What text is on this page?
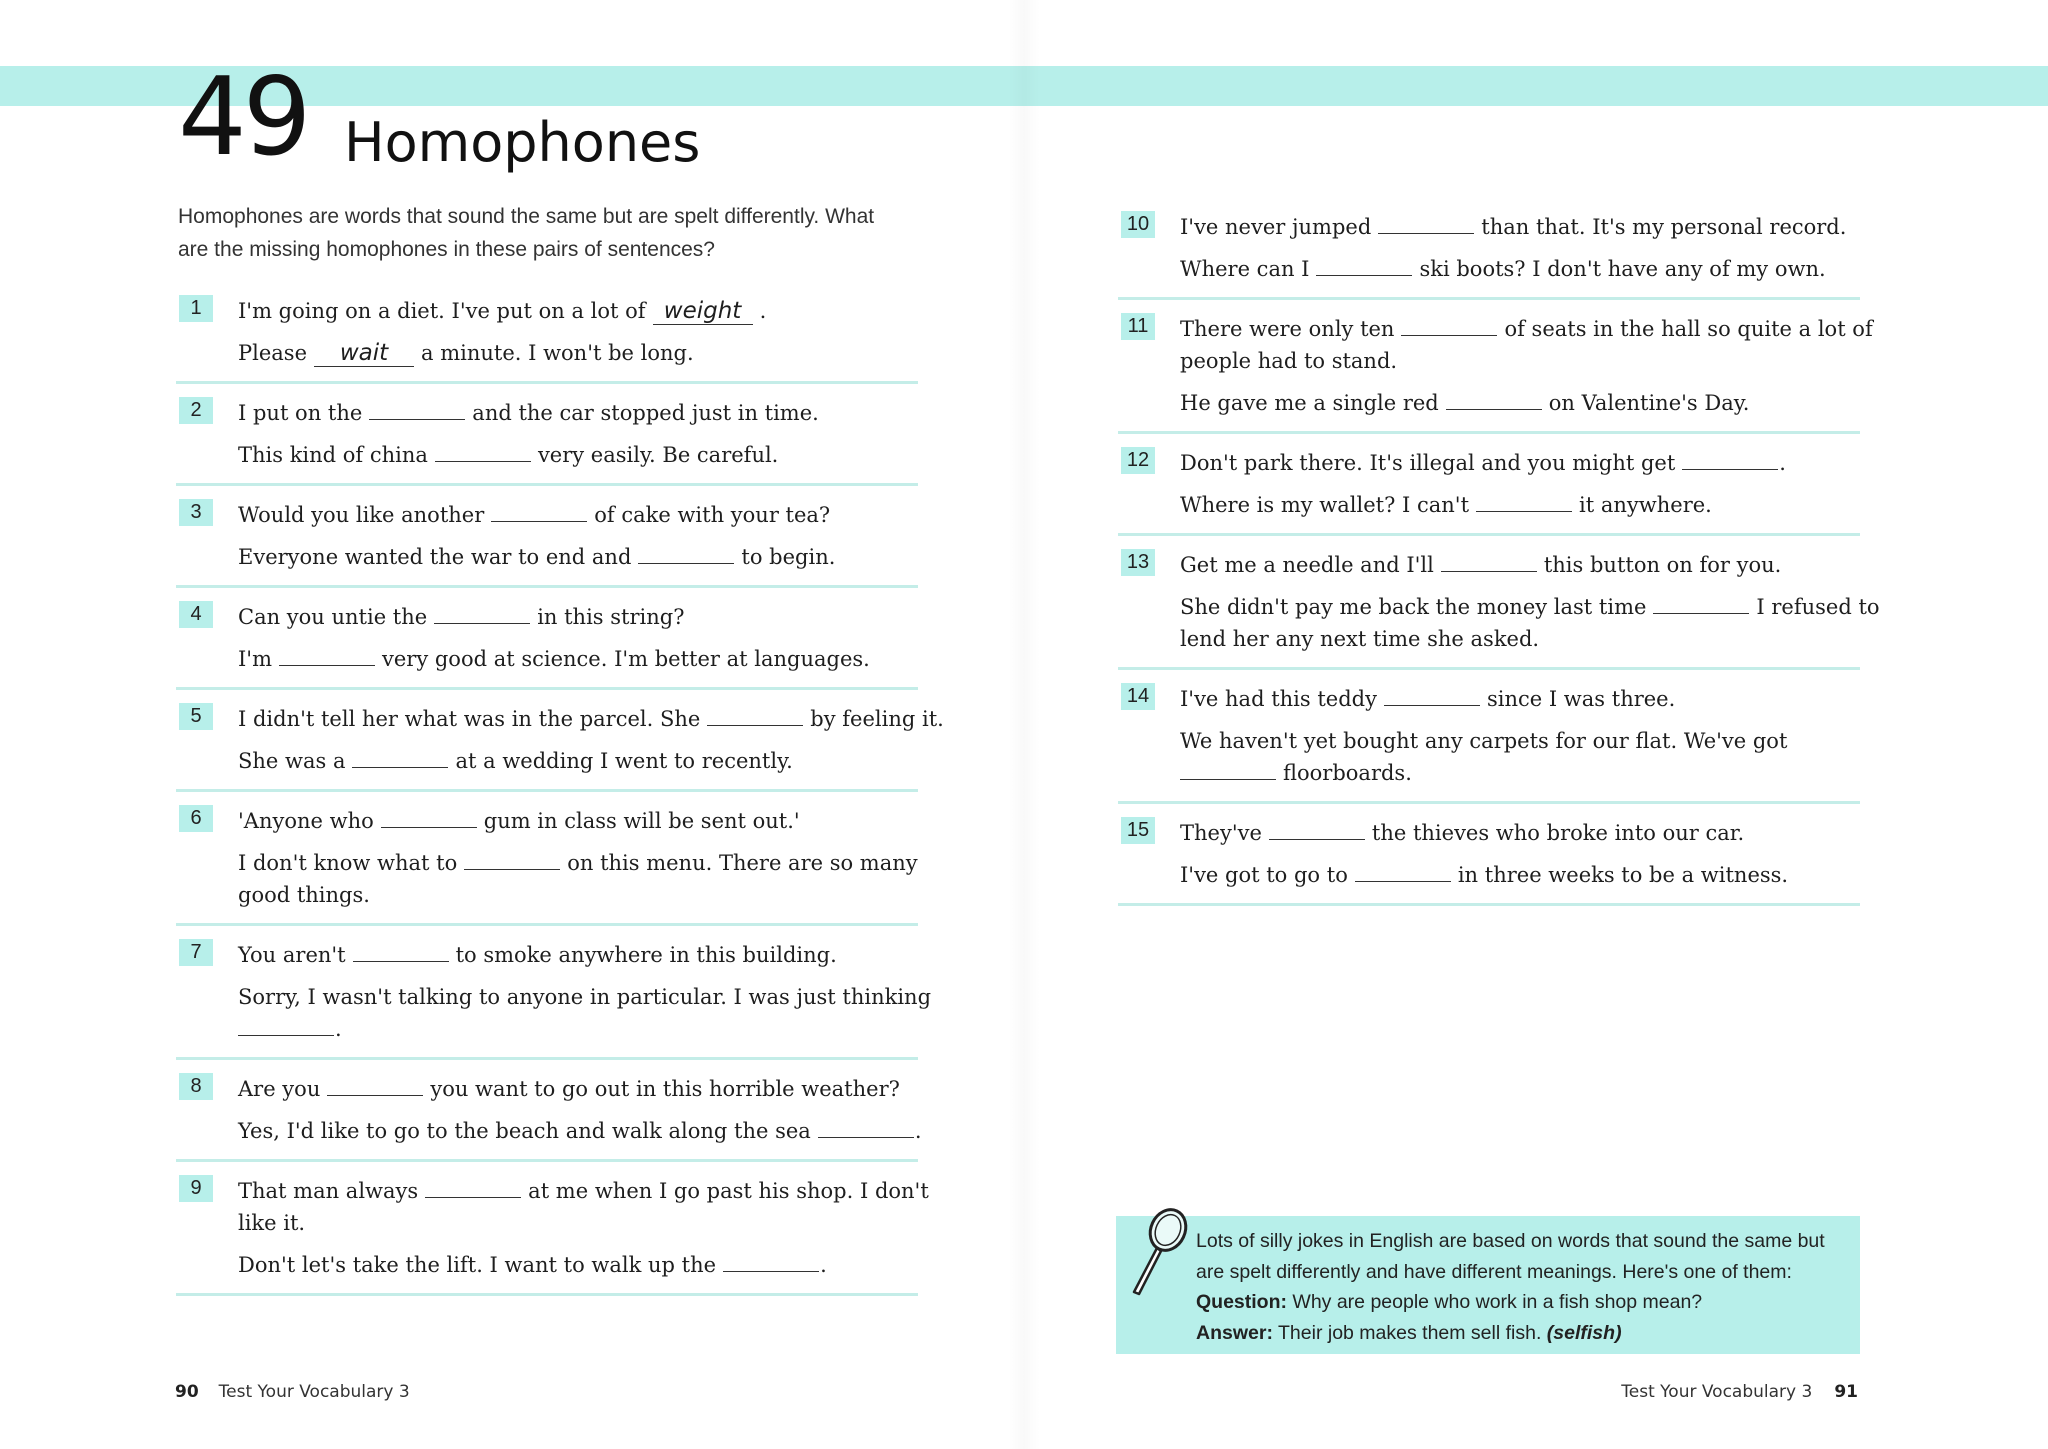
49 Homophones
Homophones are words that sound the same but are spelt differently. What
are the missing homophones in these pairs of sentences?
1	I'm going on a diet. I've put on a lot of weight .
Please wait a minute. I won't be long.
2	I put on the	and the car stopped just in time.
This kind of china	very easily. Be careful.
3	Would you like another	of cake with your tea?
Everyone wanted the war to end and	to begin.
4	Can you untie the	in this string?
I'm	very good at science. I'm better at languages.
5	I didn't tell her what was in the parcel. She	by feeling it.
She was a	at a wedding I went to recently.
6	'Anyone who	gum in class will be sent out.'
I don't know what to	on this menu. There are so many
good things.
7	You aren't	to smoke anywhere in this building.
Sorry, I wasn't talking to anyone in particular. I was just thinking
.
8	Are you	you want to go out in this horrible weather?
Yes, I'd like to go to the beach and walk along the sea	.
9	That man always	at me when I go past his shop. I don't
like it.
Don't let's take the lift. I want to walk up the	.
10 I've never jumped	than that. It's my personal record.
Where can I	ski boots? I don't have any of my own.
11	There were only ten	of seats in the hall so quite a lot of
people had to stand.
He gave me a single red	on Valentine's Day.
12 Don't park there. It's illegal and you might get	.
Where is my wallet? I can't	it anywhere.
13 Get me a needle and I'll	this button on for you.
She didn't pay me back the money last time	I refused to
lend her any next time she asked.
14 I've had this teddy	since I was three.
We haven't yet bought any carpets for our flat. We've got
floorboards.
15 They've	the thieves who broke into our car.
I've got to go to	in three weeks to be a witness.
Lots of silly jokes in English are based on words that sound the same but
are spelt differently and have different meanings. Here's one of them:
Question: Why are people who work in a fish shop mean?
Answer: Their job makes them sell fish. (selfish)
90 Test Your Vocabulary 3	Test Your Vocabulary 3 91
